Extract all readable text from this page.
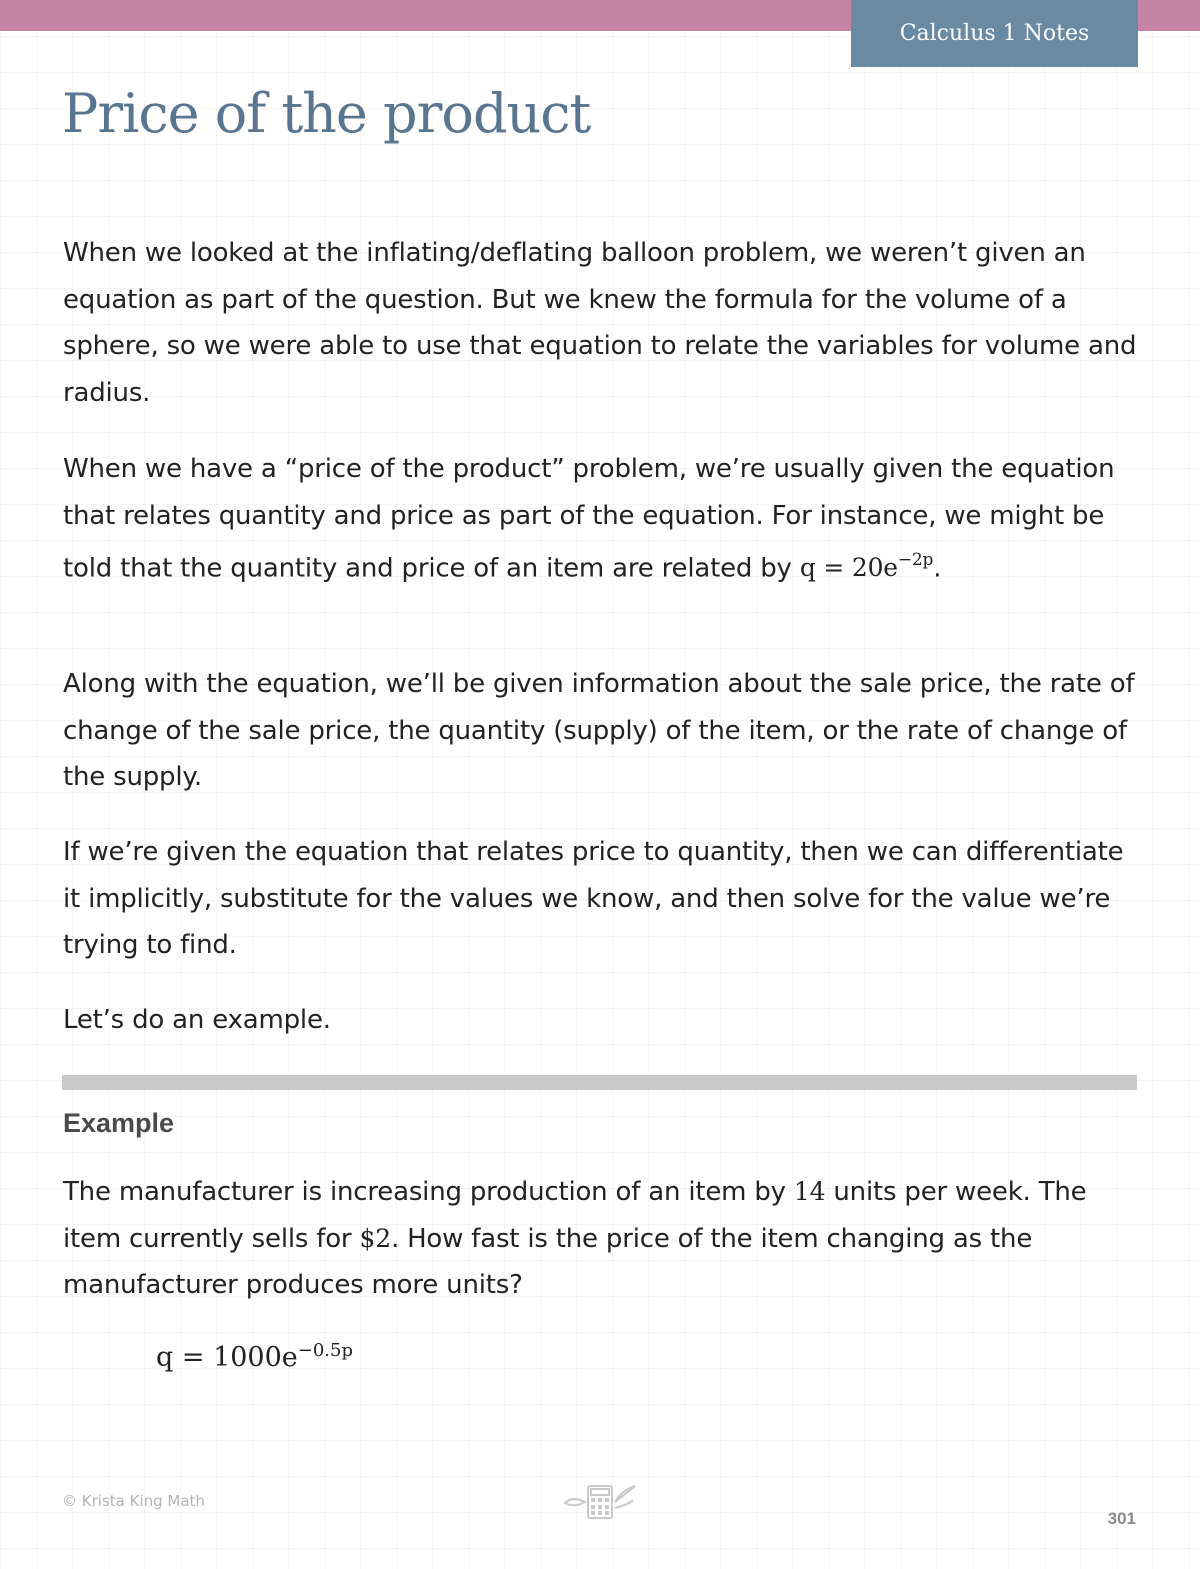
Calculus 1 Notes
Price of the product

When we looked at the inflating/deflating balloon problem, we weren’t given an equation as part of the question. But we knew the formula for the volume of a sphere, so we were able to use that equation to relate the variables for volume and radius.

When we have a “price of the product” problem, we’re usually given the equation that relates quantity and price as part of the equation. For instance, we might be told that the quantity and price of an item are related by $q = 20e^{-2p}$.

Along with the equation, we’ll be given information about the sale price, the rate of change of the sale price, the quantity (supply) of the item, or the rate of change of the supply.

If we’re given the equation that relates price to quantity, then we can differentiate it implicitly, substitute for the values we know, and then solve for the value we’re trying to find.

Let’s do an example.

Example

The manufacturer is increasing production of an item by 14 units per week. The item currently sells for $2. How fast is the price of the item changing as the manufacturer produces more units?

$q = 1000e^{-0.5p}$
© Krista King Math
301
